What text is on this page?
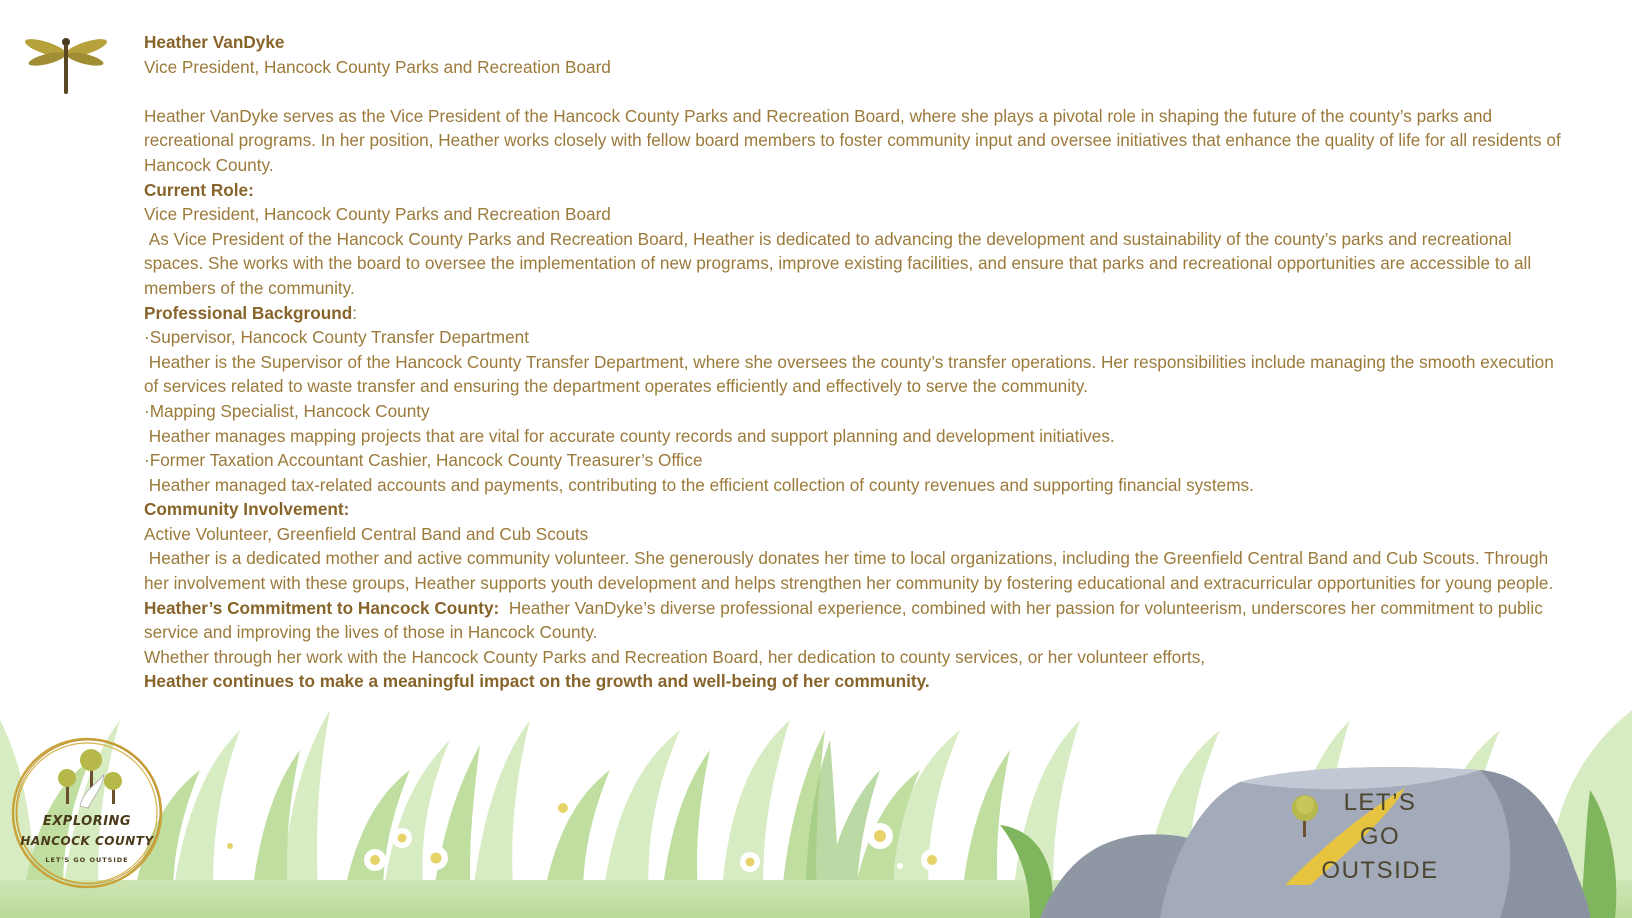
Heather VanDyke

Vice President, Hancock County Parks and Recreation Board

Heather VanDyke serves as the Vice President of the Hancock County Parks and Recreation Board, where she plays a pivotal role in shaping the future of the county’s parks and recreational programs. In her position, Heather works closely with fellow board members to foster community input and oversee initiatives that enhance the quality of life for all residents of Hancock County.

Current Role:

Vice President, Hancock County Parks and Recreation Board

As Vice President of the Hancock County Parks and Recreation Board, Heather is dedicated to advancing the development and sustainability of the county’s parks and recreational spaces. She works with the board to oversee the implementation of new programs, improve existing facilities, and ensure that parks and recreational opportunities are accessible to all members of the community.

Professional Background:

·Supervisor, Hancock County Transfer Department

Heather is the Supervisor of the Hancock County Transfer Department, where she oversees the county’s transfer operations. Her responsibilities include managing the smooth execution of services related to waste transfer and ensuring the department operates efficiently and effectively to serve the community.

·Mapping Specialist, Hancock County

Heather manages mapping projects that are vital for accurate county records and support planning and development initiatives.

·Former Taxation Accountant Cashier, Hancock County Treasurer’s Office

Heather managed tax-related accounts and payments, contributing to the efficient collection of county revenues and supporting financial systems.

Community Involvement:

Active Volunteer, Greenfield Central Band and Cub Scouts

Heather is a dedicated mother and active community volunteer. She generously donates her time to local organizations, including the Greenfield Central Band and Cub Scouts. Through her involvement with these groups, Heather supports youth development and helps strengthen her community by fostering educational and extracurricular opportunities for young people.

Heather’s Commitment to Hancock County:  Heather VanDyke’s diverse professional experience, combined with her passion for volunteerism, underscores her commitment to public service and improving the lives of those in Hancock County.

Whether through her work with the Hancock County Parks and Recreation Board, her dedication to county services, or her volunteer efforts,

Heather continues to make a meaningful impact on the growth and well-being of her community.

EXPLORING
HANCOCK COUNTY
LET'S GO OUTSIDE
LET’S
GO
OUTSIDE
